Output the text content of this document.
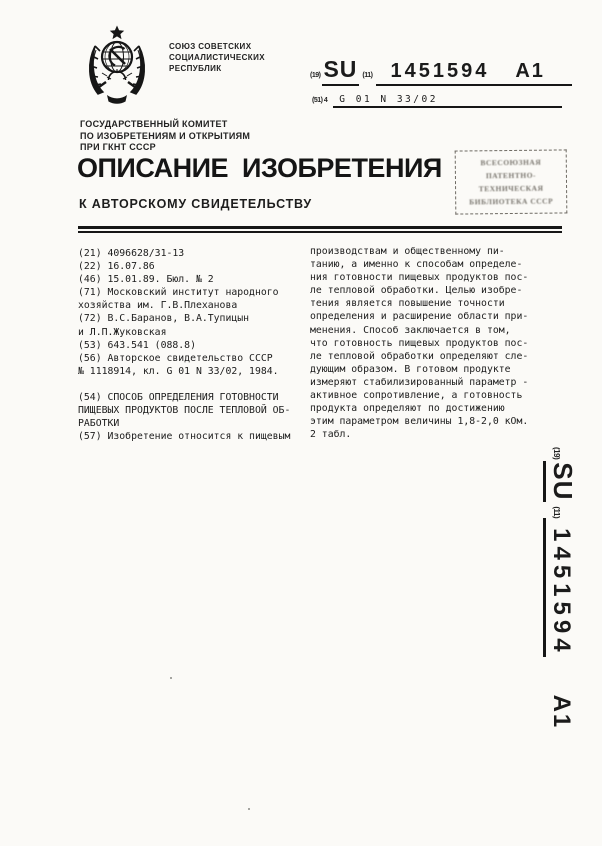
СОЮЗ СОВЕТСКИХ
СОЦИАЛИСТИЧЕСКИХ
РЕСПУБЛИК
(19) SU (11) 1451594 A1
(51) 4	G 01 N 33/02
ГОСУДАРСТВЕННЫЙ КОМИТЕТ
ПО ИЗОБРЕТЕНИЯМ И ОТКРЫТИЯМ
ПРИ ГКНТ СССР
ОПИСАНИЕ ИЗОБРЕТЕНИЯ
К АВТОРСКОМУ СВИДЕТЕЛЬСТВУ
ВСЕСОЮЗНАЯ
ПАТЕНТНО-ТЕХНИЧЕСКАЯ
БИБЛИОТЕКА СССР
(21) 4096628/31-13
(22) 16.07.86
(46) 15.01.89. Бюл. № 2
(71) Московский институт народного
хозяйства им. Г.В.Плеханова
(72) В.С.Баранов, В.А.Тупицын
и Л.П.Жуковская
(53) 643.541 (088.8)
(56) Авторское свидетельство СССР
№ 1118914, кл. G 01 N 33/02, 1984.

(54) СПОСОБ ОПРЕДЕЛЕНИЯ ГОТОВНОСТИ
ПИЩЕВЫХ ПРОДУКТОВ ПОСЛЕ ТЕПЛОВОЙ ОБ-
РАБОТКИ
(57) Изобретение относится к пищевым
производствам и общественному пи-
танию, а именно к способам определе-
ния готовности пищевых продуктов пос-
ле тепловой обработки. Целью изобре-
тения является повышение точности
определения и расширение области при-
менения. Способ заключается в том,
что готовность пищевых продуктов пос-
ле тепловой обработки определяют сле-
дующим образом. В готовом продукте
измеряют стабилизированный параметр -
активное сопротивление, а готовность
продукта определяют по достижению
этим параметром величины 1,8-2,0 кОм.
2 табл.
(19)
SU
(11)
1451594
A1
